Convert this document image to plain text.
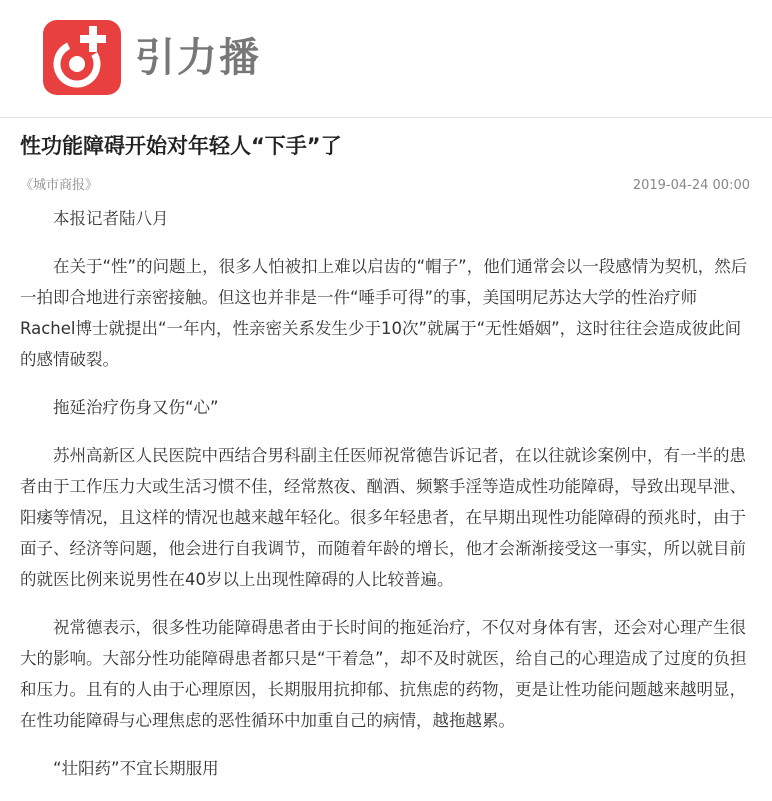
引力播
性功能障碍开始对年轻人“下手”了
《城市商报》	2019-04-24 00:00

本报记者陆八月

在关于“性”的问题上，很多人怕被扣上难以启齿的“帽子”，他们通常会以一段感情为契机，然后一拍即合地进行亲密接触。但这也并非是一件“唾手可得”的事，美国明尼苏达大学的性治疗师Rachel博士就提出“一年内，性亲密关系发生少于10次”就属于“无性婚姻”，这时往往会造成彼此间的感情破裂。

拖延治疗伤身又伤“心”

苏州高新区人民医院中西结合男科副主任医师祝常德告诉记者，在以往就诊案例中，有一半的患者由于工作压力大或生活习惯不佳，经常熬夜、酗酒、频繁手淫等造成性功能障碍，导致出现早泄、阳痿等情况，且这样的情况也越来越年轻化。很多年轻患者，在早期出现性功能障碍的预兆时，由于面子、经济等问题，他会进行自我调节，而随着年龄的增长，他才会渐渐接受这一事实，所以就目前的就医比例来说男性在40岁以上出现性障碍的人比较普遍。

祝常德表示，很多性功能障碍患者由于长时间的拖延治疗，不仅对身体有害，还会对心理产生很大的影响。大部分性功能障碍患者都只是“干着急”，却不及时就医，给自己的心理造成了过度的负担和压力。且有的人由于心理原因，长期服用抗抑郁、抗焦虑的药物，更是让性功能问题越来越明显，在性功能障碍与心理焦虑的恶性循环中加重自己的病情，越拖越累。

“壮阳药”不宜长期服用
